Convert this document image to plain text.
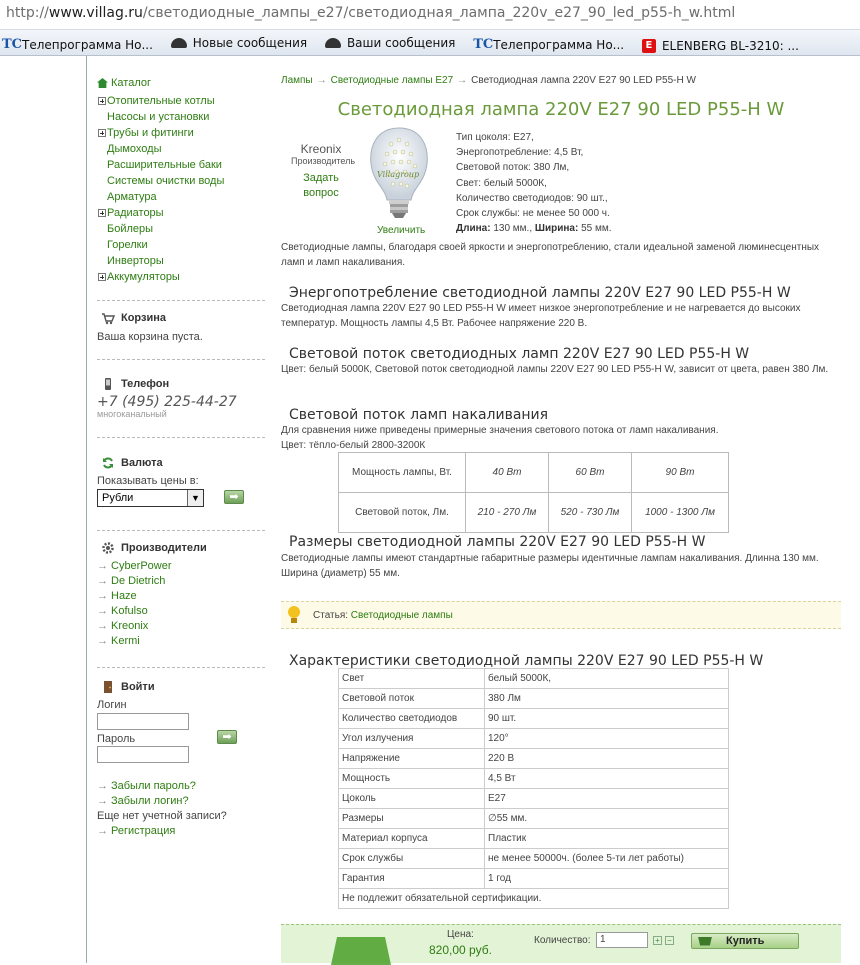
http://www.villag.ru/светодиодные_лампы_e27/светодиодная_лампа_220v_e27_90_led_p55-h_w.html
TC Телепрограмма Но...
	Новые сообщения
	Ваши сообщения
TC Телепрограмма Но...
	E ELENBERG BL-3210: ...
Каталог
Отопительные котлы
Насосы и установки
Трубы и фитинги
Дымоходы
Расширительные баки
Системы очистки воды
Арматура
Радиаторы
Бойлеры
Горелки
Инверторы
Аккумуляторы
Корзина
Ваша корзина пуста.
Телефон
+7 (495) 225-44-27
многоканальный
Валюта
Показывать цены в:
Рубли	▼	➡
Производители
→ CyberPower
→ De Dietrich
→ Haze
→ Kofulso
→ Kreonix
→ Kermi
Войти
Логин
Пароль	➡
→ Забыли пароль?
→ Забыли логин?
Еще нет учетной записи?
→ Регистрация
Лампы → Светодиодные лампы E27 → Светодиодная лампа 220V E27 90 LED P55-H W
Светодиодная лампа 220V E27 90 LED P55-H W
Kreonix
Производитель
Задать вопрос
Villagroup
Увеличить
Тип цоколя: E27,
Энергопотребление: 4,5 Вт,
Световой поток: 380 Лм,
Свет: белый 5000К,
Количество светодиодов: 90 шт.,
Срок службы: не менее 50 000 ч.
Длина: 130 мм., Ширина: 55 мм.
Светодиодные лампы, благодаря своей яркости и энергопотреблению, стали идеальной заменой люминесцентных ламп и ламп накаливания.
Энергопотребление светодиодной лампы 220V E27 90 LED P55-H W
Светодиодная лампа 220V E27 90 LED P55-H W имеет низкое энергопотребление и не нагревается до высоких температур. Мощность лампы 4,5 Вт. Рабочее напряжение 220 В.
Световой поток светодиодных ламп 220V E27 90 LED P55-H W
Цвет: белый 5000К, Световой поток светодиодной лампы 220V E27 90 LED P55-H W, зависит от цвета, равен 380 Лм.
Световой поток ламп накаливания
Для сравнения ниже приведены примерные значения светового потока от ламп накаливания.
Цвет: тёпло-белый 2800-3200К
Мощность лампы, Вт.	40 Вт	60 Вт	90 Вт
Световой поток, Лм.	210 - 270 Лм	520 - 730 Лм	1000 - 1300 Лм
Размеры светодиодной лампы 220V E27 90 LED P55-H W
Светодиодные лампы имеют стандартные габаритные размеры идентичные лампам накаливания. Длинна 130 мм. Ширина (диаметр) 55 мм.
Статья:
Светодиодные лампы
Характеристики светодиодной лампы 220V E27 90 LED P55-H W
Свет	белый 5000К,
Световой поток	380 Лм
Количество светодиодов	90 шт.
Угол излучения	120°
Напряжение	220 В
Мощность	4,5 Вт
Цоколь	E27
Размеры	∅55 мм.
Материал корпуса	Пластик
Срок службы	не менее 50000ч. (более 5-ти лет работы)
Гарантия	1 год
Не подлежит обязательной сертификации.	
Цена:
820,00 руб.
Количество: 1	+ −	Купить
